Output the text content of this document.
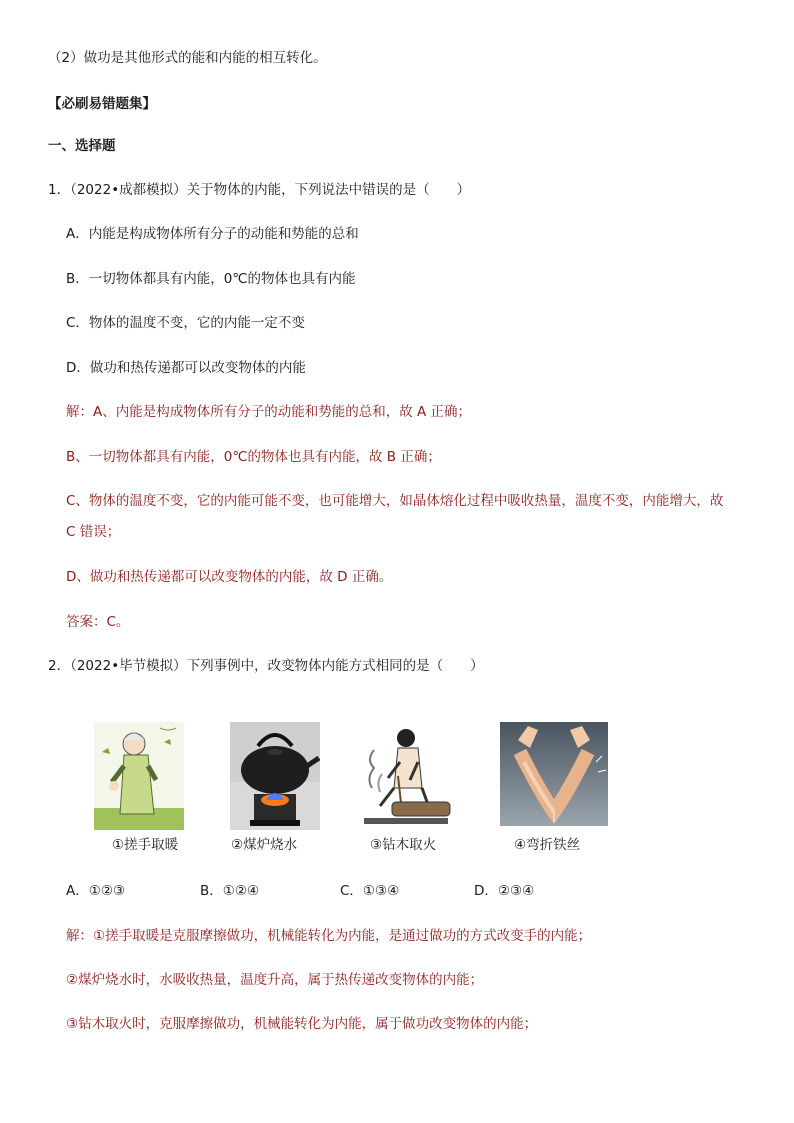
（2）做功是其他形式的能和内能的相互转化。
【必刷易错题集】
一、选择题
1．（2022•成都模拟）关于物体的内能，下列说法中错误的是（　　）
A．内能是构成物体所有分子的动能和势能的总和
B．一切物体都具有内能，0℃的物体也具有内能
C．物体的温度不变，它的内能一定不变
D．做功和热传递都可以改变物体的内能
解：A、内能是构成物体所有分子的动能和势能的总和，故 A 正确；
B、一切物体都具有内能，0℃的物体也具有内能，故 B 正确；
C、物体的温度不变，它的内能可能不变，也可能增大，如晶体熔化过程中吸收热量，温度不变，内能增大，故
C 错误；
D、做功和热传递都可以改变物体的内能，故 D 正确。
答案：C。
2．（2022•毕节模拟）下列事例中，改变物体内能方式相同的是（　　）
①搓手取暖	②煤炉烧水	③钻木取火	④弯折铁丝
A．①②③	B．①②④	C．①③④	D．②③④
解：①搓手取暖是克服摩擦做功，机械能转化为内能，是通过做功的方式改变手的内能；
②煤炉烧水时，水吸收热量，温度升高，属于热传递改变物体的内能；
③钻木取火时，克服摩擦做功，机械能转化为内能，属于做功改变物体的内能；
